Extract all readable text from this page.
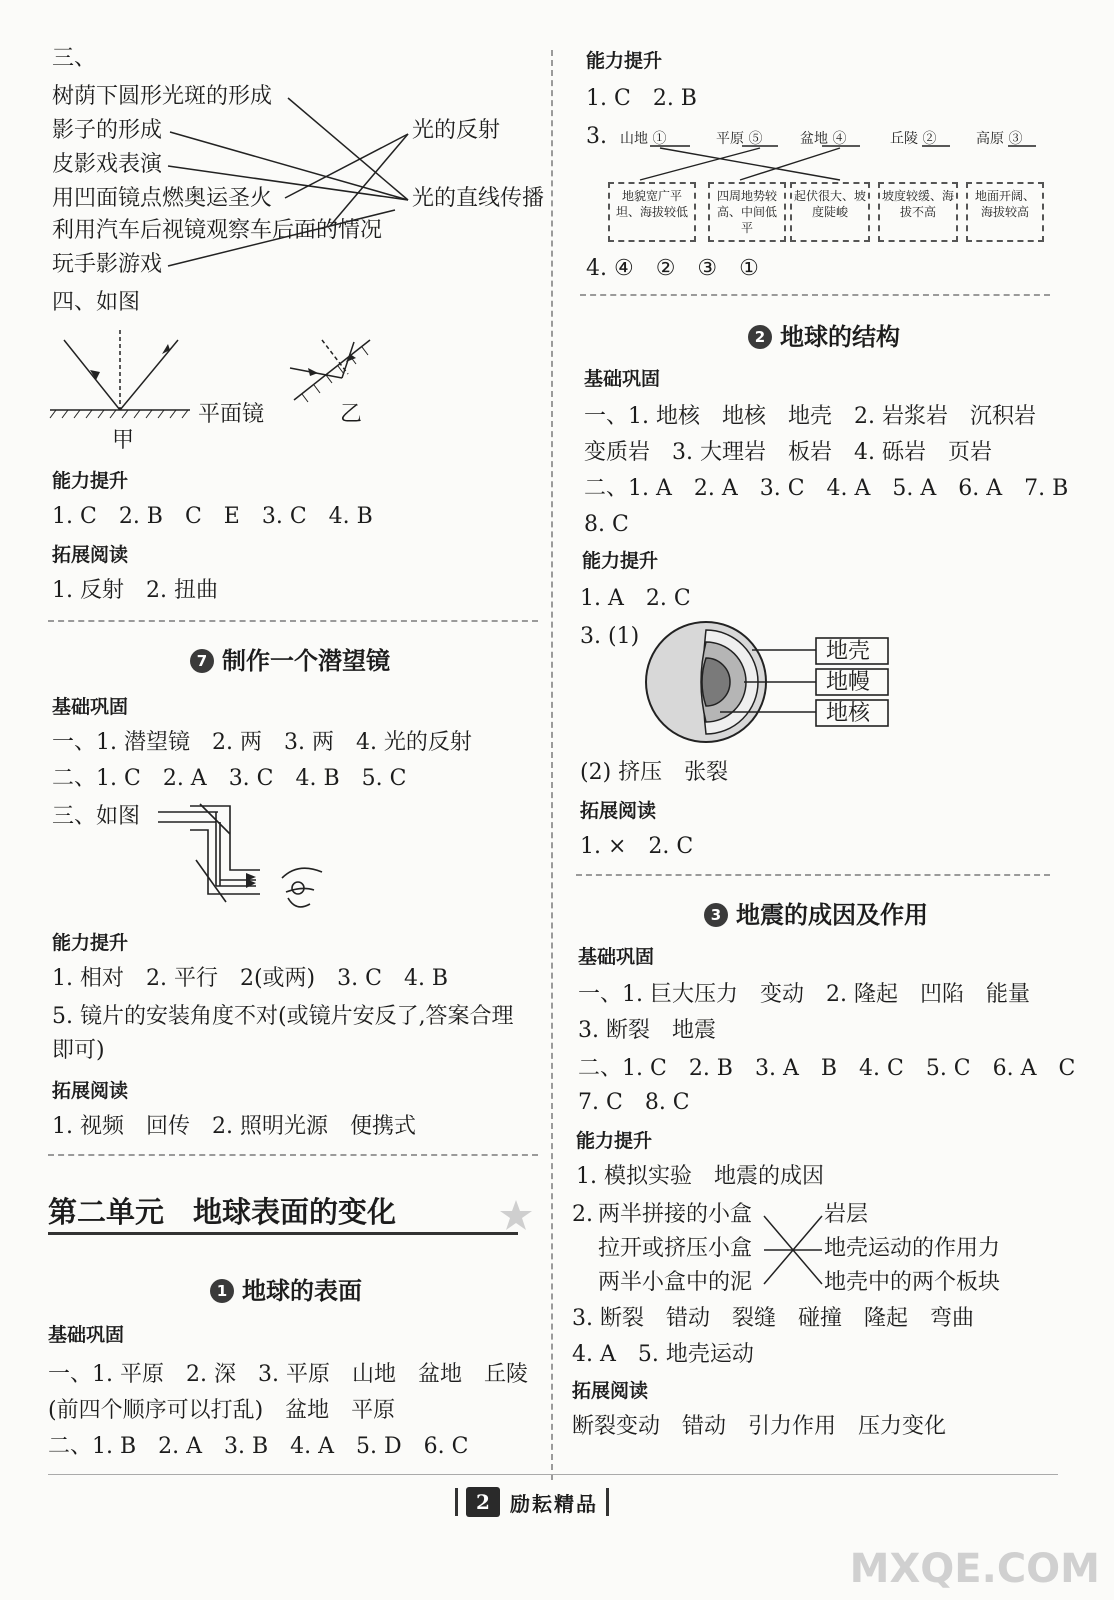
三、
树荫下圆形光斑的形成
影子的形成
皮影戏表演
用凹面镜点燃奥运圣火
利用汽车后视镜观察车后面的情况
玩手影游戏
光的反射
光的直线传播
四、如图
平面镜
甲
乙
能力提升
1. C　2. B　C　E　3. C　4. B
拓展阅读
1. 反射　2. 扭曲
7 制作一个潜望镜
基础巩固
一、1. 潜望镜　2. 两　3. 两　4. 光的反射
二、1. C　2. A　3. C　4. B　5. C
三、如图
能力提升
1. 相对　2. 平行　2(或两)　3. C　4. B
5. 镜片的安装角度不对(或镜片安反了,答案合理
即可)
拓展阅读
1. 视频　回传　2. 照明光源　便携式
第二单元　地球表面的变化
1 地球的表面
基础巩固
一、1. 平原　2. 深　3. 平原　山地　盆地　丘陵
(前四个顺序可以打乱)　盆地　平原
二、1. B　2. A　3. B　4. A　5. D　6. C
能力提升
1. C　2. B
3. 山地 ①	平原 ⑤	盆地 ④	丘陵 ②	高原 ③
地貌宽广平坦、海拔较低
四周地势较高、中间低平
起伏很大、坡度陡峻
坡度较缓、海拔不高
地面开阔、海拔较高
4. ④　②　③　①
2 地球的结构
基础巩固
一、1. 地核　地核　地壳　2. 岩浆岩　沉积岩
变质岩　3. 大理岩　板岩　4. 砾岩　页岩
二、1. A　2. A　3. C　4. A　5. A　6. A　7. B
8. C
能力提升
1. A　2. C
3. (1)
地壳
地幔
地核
(2) 挤压　张裂
拓展阅读
1. ×　2. C
3 地震的成因及作用
基础巩固
一、1. 巨大压力　变动　2. 隆起　凹陷　能量
3. 断裂　地震
二、1. C　2. B　3. A　B　4. C　5. C　6. A　C
7. C　8. C
能力提升
1. 模拟实验　地震的成因
2. 两半拼接的小盒
拉开或挤压小盒
两半小盒中的泥
岩层
地壳运动的作用力
地壳中的两个板块
3. 断裂　错动　裂缝　碰撞　隆起　弯曲
4. A　5. 地壳运动
拓展阅读
断裂变动　错动　引力作用　压力变化
2	励耘精品
MXQE.COM
